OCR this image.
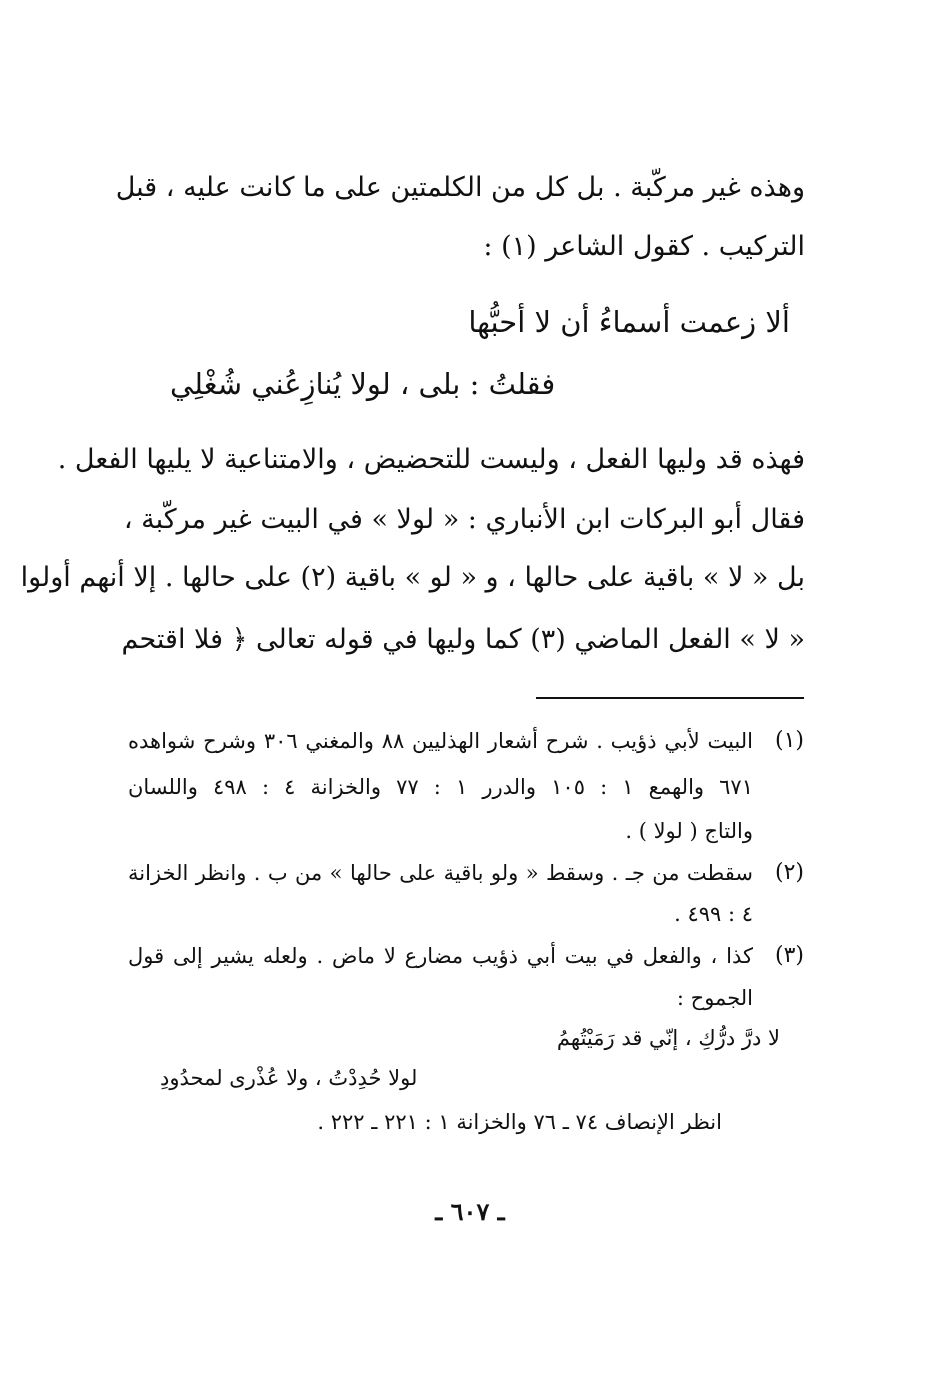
وهذه غير مركّبة . بل كل من الكلمتين على ما كانت عليه ، قبل
التركيب . كقول الشاعر (١) :
ألا زعمت أسماءُ أن لا أحبُّها
فقلتُ : بلى ، لولا يُنازِعُني شُغْلِي
فهذه قد وليها الفعل ، وليست للتحضيض ، والامتناعية لا يليها الفعل .
فقال أبو البركات ابن الأنباري : « لولا » في البيت غير مركّبة ،
بل « لا » باقية على حالها ، و « لو » باقية (٢) على حالها . إلا أنهم أولوا
« لا » الفعل الماضي (٣) كما وليها في قوله تعالى ﴿ فلا اقتحم
(١)
البيت لأبي ذؤيب . شرح أشعار الهذليين ٨٨ والمغني ٣٠٦ وشرح شواهده
٦٧١ والهمع ١ : ١٠٥ والدرر ١ : ٧٧ والخزانة ٤ : ٤٩٨ واللسان
والتاج ( لولا ) .
(٢)
سقطت من جـ . وسقط « ولو باقية على حالها » من ب . وانظر الخزانة
٤ : ٤٩٩ .
(٣)
كذا ، والفعل في بيت أبي ذؤيب مضارع لا ماض . ولعله يشير إلى قول
الجموح :
لا درَّ درُّكِ ، إنّي قد رَمَيْتُهمُ
لولا حُدِدْتُ ، ولا عُذْرى لمحدُودِ
انظر الإنصاف ٧٤ ـ ٧٦ والخزانة ١ : ٢٢١ ـ ٢٢٢ .
ـ ٦٠٧ ـ
